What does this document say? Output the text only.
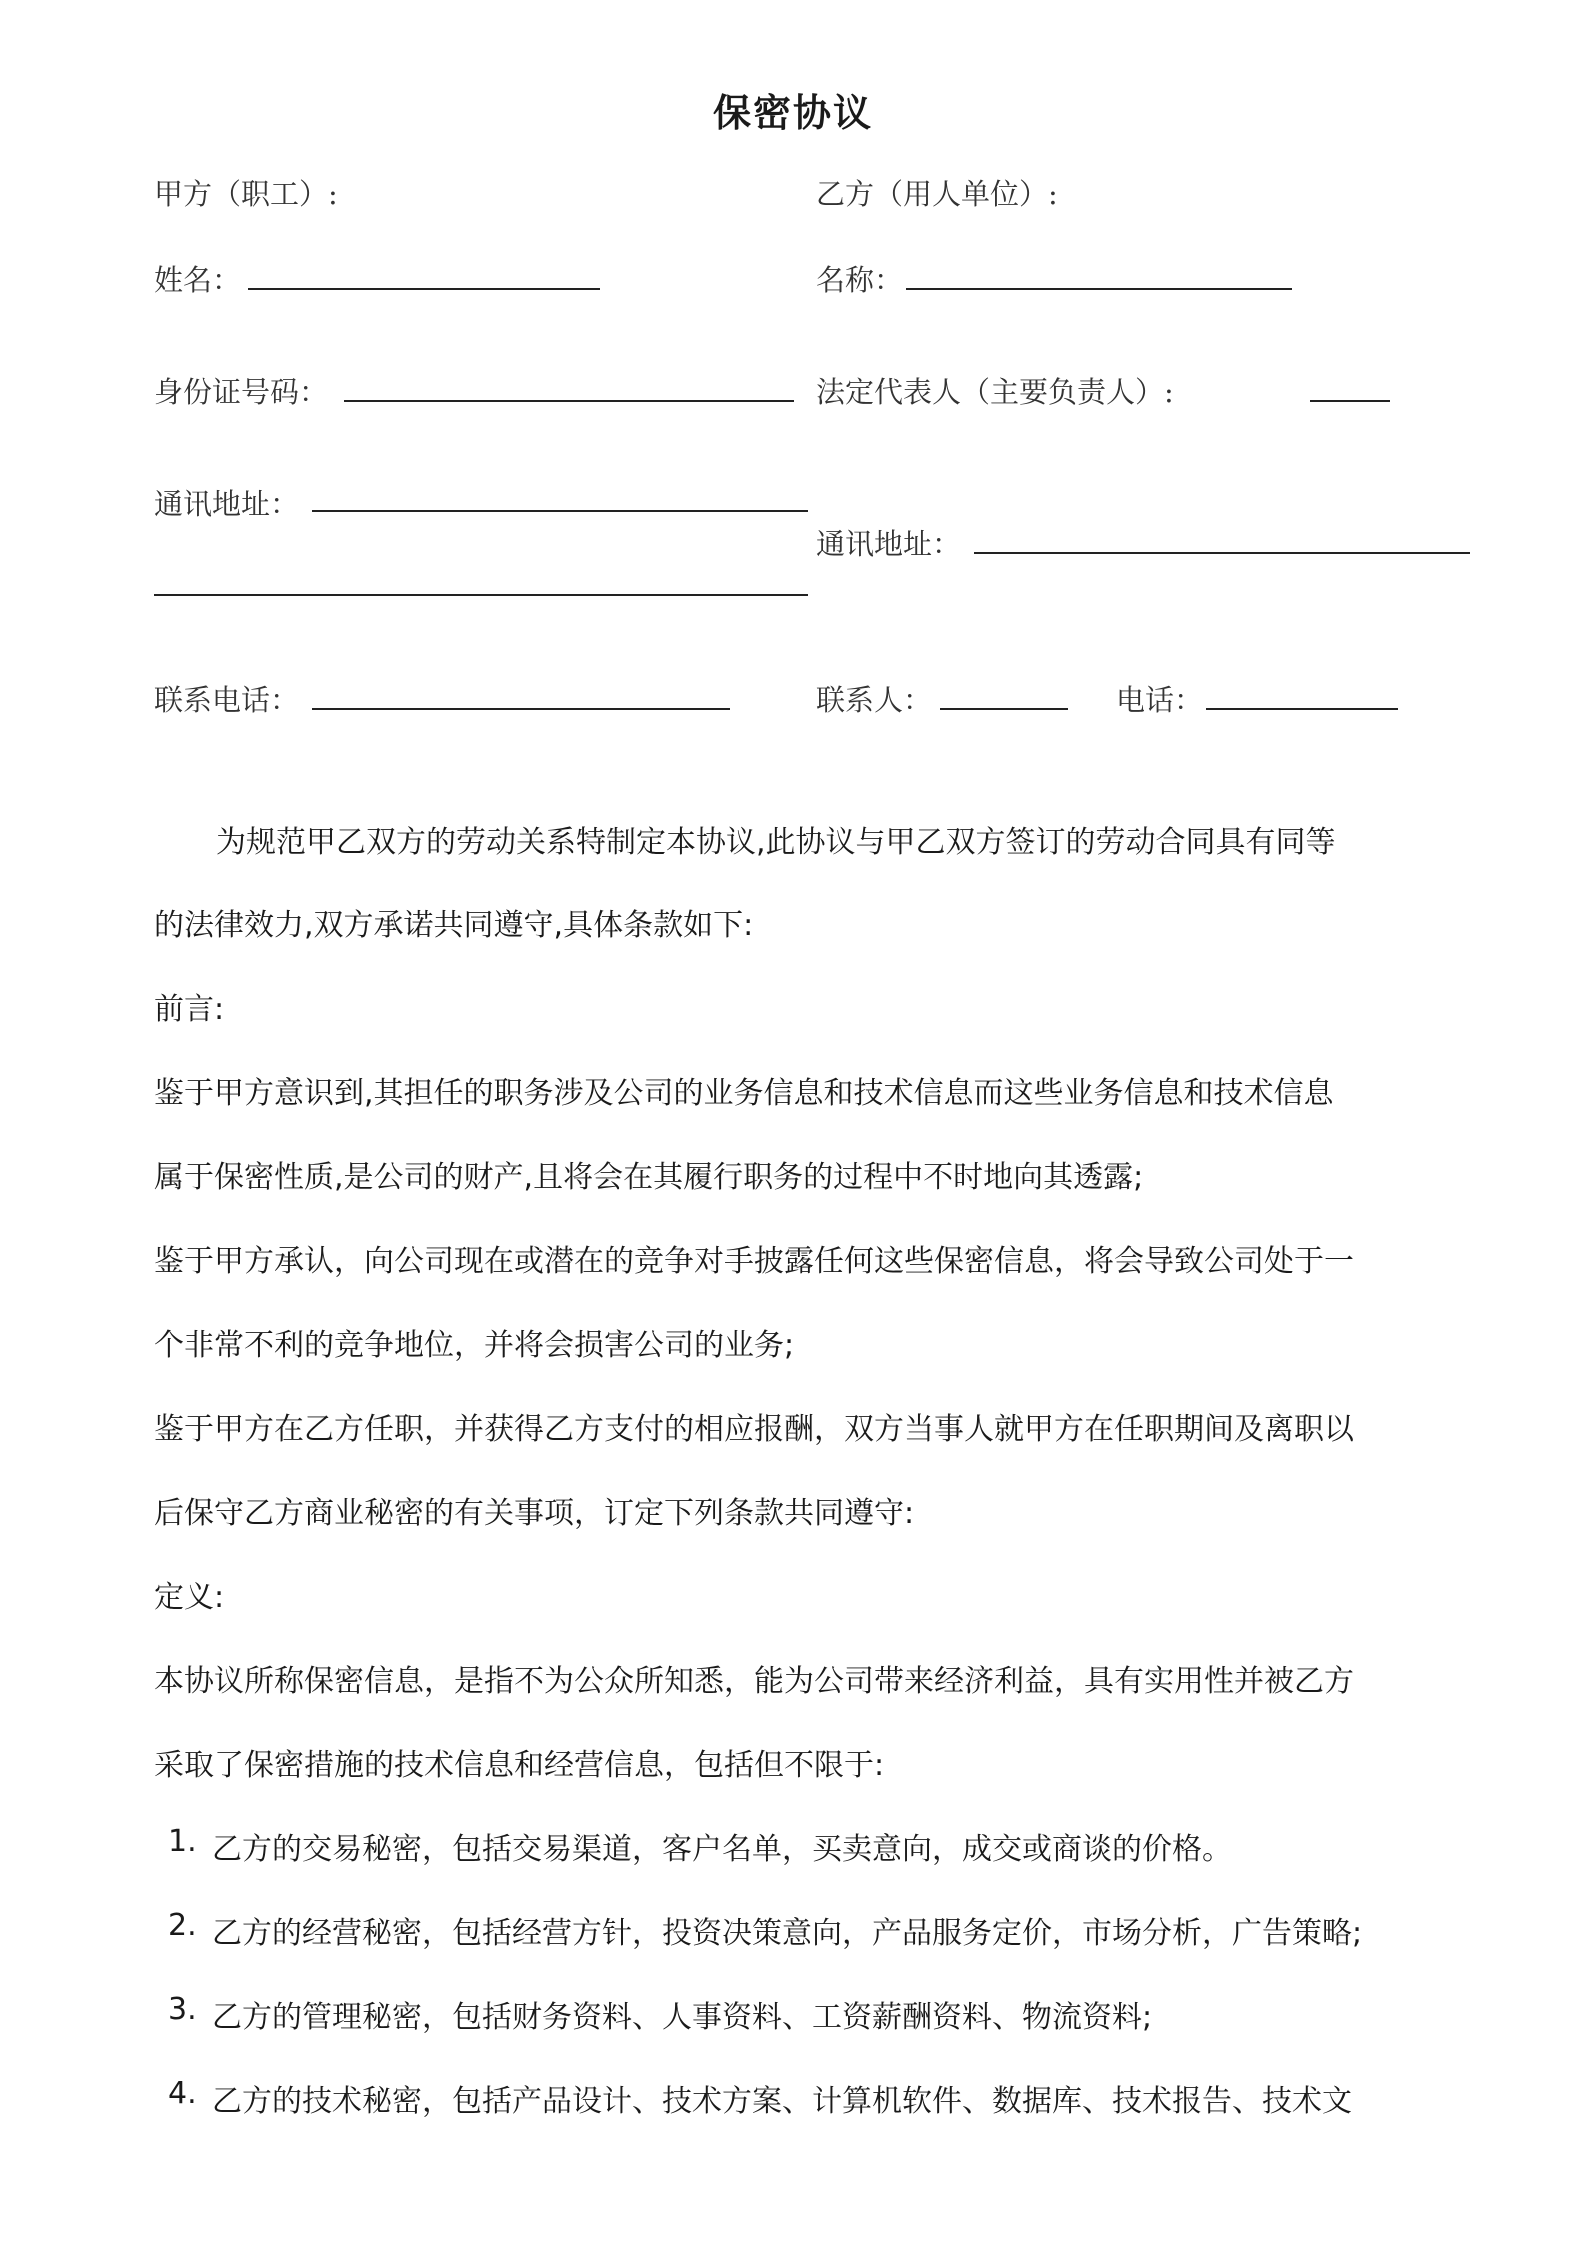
保密协议
甲方（职工）:	乙方（用人单位）:
姓名：	名称：
身份证号码：	法定代表人（主要负责人）:
通讯地址：
通讯地址：
联系电话：	联系人：	电话：
为规范甲乙双方的劳动关系特制定本协议,此协议与甲乙双方签订的劳动合同具有同等
的法律效力,双方承诺共同遵守,具体条款如下:
前言:
鉴于甲方意识到,其担任的职务涉及公司的业务信息和技术信息而这些业务信息和技术信息
属于保密性质,是公司的财产,且将会在其履行职务的过程中不时地向其透露;
鉴于甲方承认，向公司现在或潜在的竞争对手披露任何这些保密信息，将会导致公司处于一
个非常不利的竞争地位，并将会损害公司的业务;
鉴于甲方在乙方任职，并获得乙方支付的相应报酬，双方当事人就甲方在任职期间及离职以
后保守乙方商业秘密的有关事项，订定下列条款共同遵守:
定义:
本协议所称保密信息，是指不为公众所知悉，能为公司带来经济利益，具有实用性并被乙方
采取了保密措施的技术信息和经营信息，包括但不限于:
1. 乙方的交易秘密，包括交易渠道，客户名单，买卖意向，成交或商谈的价格。
2. 乙方的经营秘密，包括经营方针，投资决策意向，产品服务定价，市场分析，广告策略;
3. 乙方的管理秘密，包括财务资料、人事资料、工资薪酬资料、物流资料;
4. 乙方的技术秘密，包括产品设计、技术方案、计算机软件、数据库、技术报告、技术文
